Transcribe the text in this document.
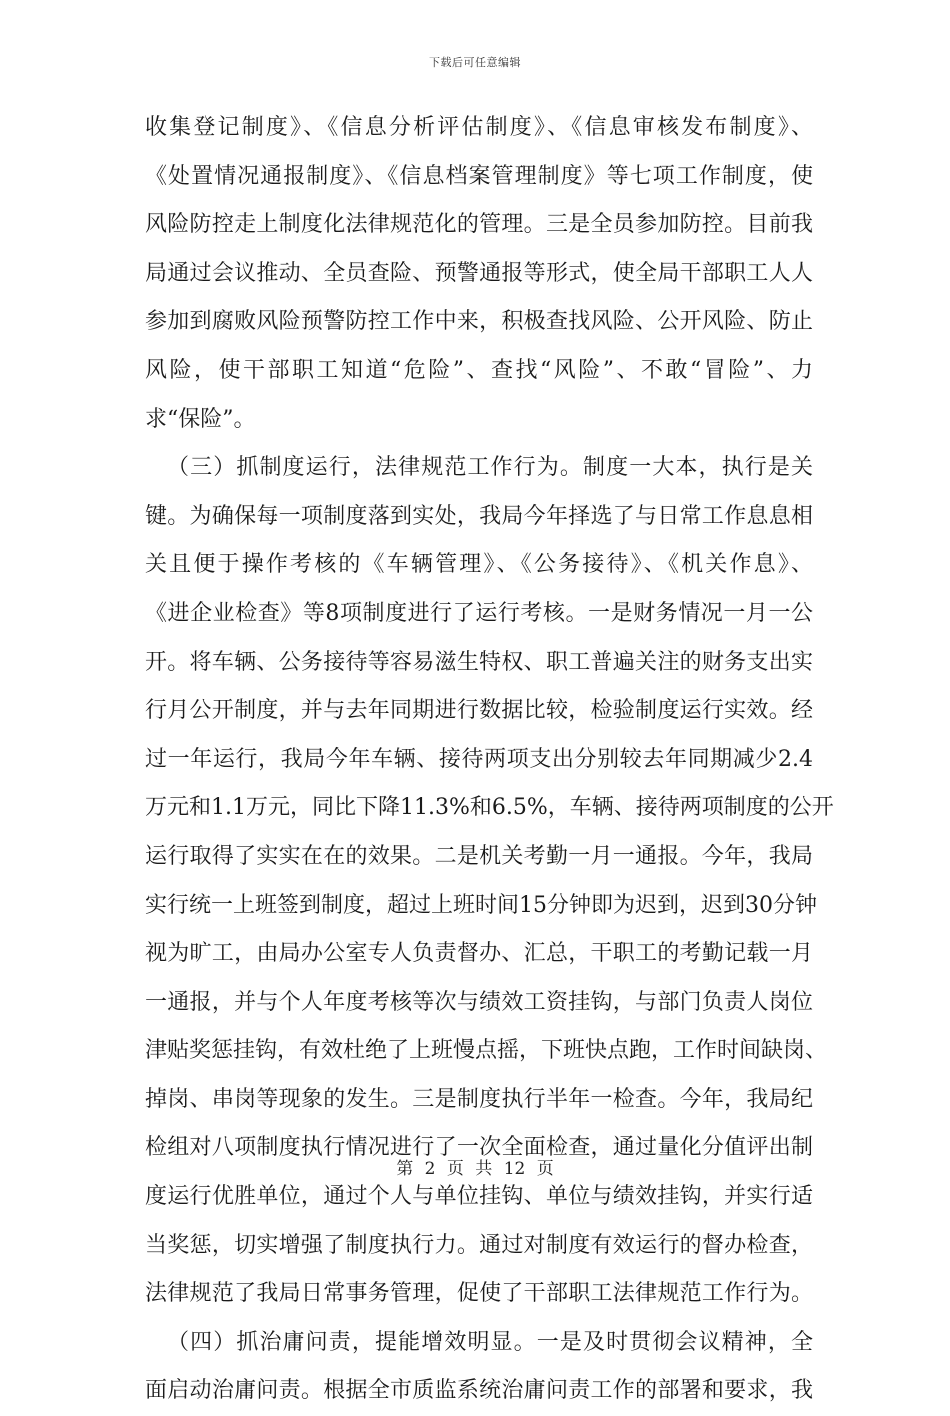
下载后可任意编辑
收集登记制度》、《信息分析评估制度》、《信息审核发布制度》、
《处置情况通报制度》、《信息档案管理制度》等七项工作制度，使
风险防控走上制度化法律规范化的管理。三是全员参加防控。目前我
局通过会议推动、全员查险、预警通报等形式，使全局干部职工人人
参加到腐败风险预警防控工作中来，积极查找风险、公开风险、防止
风险，使干部职工知道“危险”、查找“风险”、不敢“冒险”、力
求“保险”。
（三）抓制度运行，法律规范工作行为。制度一大本，执行是关
键。为确保每一项制度落到实处，我局今年择选了与日常工作息息相
关且便于操作考核的《车辆管理》、《公务接待》、《机关作息》、
《进企业检查》等8项制度进行了运行考核。一是财务情况一月一公
开。将车辆、公务接待等容易滋生特权、职工普遍关注的财务支出实
行月公开制度，并与去年同期进行数据比较，检验制度运行实效。经
过一年运行，我局今年车辆、接待两项支出分别较去年同期减少2.4
万元和1.1万元，同比下降11.3%和6.5%，车辆、接待两项制度的公开
运行取得了实实在在的效果。二是机关考勤一月一通报。今年，我局
实行统一上班签到制度，超过上班时间15分钟即为迟到，迟到30分钟
视为旷工，由局办公室专人负责督办、汇总，干职工的考勤记载一月
一通报，并与个人年度考核等次与绩效工资挂钩，与部门负责人岗位
津贴奖惩挂钩，有效杜绝了上班慢点摇，下班快点跑，工作时间缺岗、
掉岗、串岗等现象的发生。三是制度执行半年一检查。今年，我局纪
检组对八项制度执行情况进行了一次全面检查，通过量化分值评出制
度运行优胜单位，通过个人与单位挂钩、单位与绩效挂钩，并实行适
当奖惩，切实增强了制度执行力。通过对制度有效运行的督办检查，
法律规范了我局日常事务管理，促使了干部职工法律规范工作行为。
（四）抓治庸问责，提能增效明显。一是及时贯彻会议精神，全
面启动治庸问责。根据全市质监系统治庸问责工作的部署和要求，我
第 2 页 共 12 页
